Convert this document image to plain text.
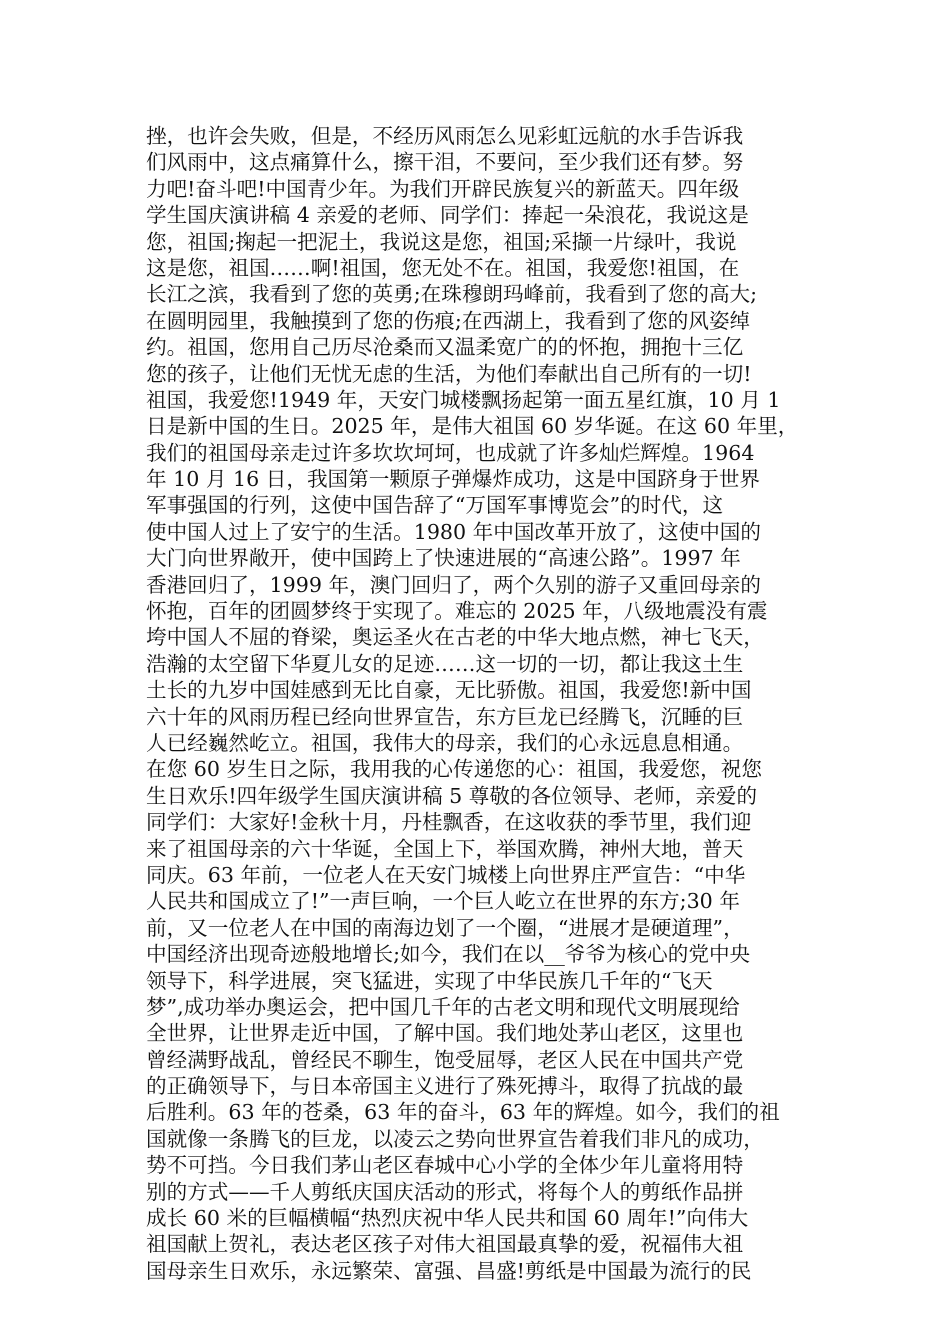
挫，也许会失败，但是，不经历风雨怎么见彩虹远航的水手告诉我
们风雨中，这点痛算什么，擦干泪，不要问，至少我们还有梦。努
力吧!奋斗吧!中国青少年。为我们开辟民族复兴的新蓝天。四年级
学生国庆演讲稿 4 亲爱的老师、同学们：捧起一朵浪花，我说这是
您，祖国;掬起一把泥土，我说这是您，祖国;采撷一片绿叶，我说
这是您，祖国……啊!祖国，您无处不在。祖国，我爱您!祖国，在
长江之滨，我看到了您的英勇;在珠穆朗玛峰前，我看到了您的高大;
在圆明园里，我触摸到了您的伤痕;在西湖上，我看到了您的风姿绰
约。祖国，您用自己历尽沧桑而又温柔宽广的的怀抱，拥抱十三亿
您的孩子，让他们无忧无虑的生活，为他们奉献出自己所有的一切!
祖国，我爱您!1949 年，天安门城楼飘扬起第一面五星红旗，10 月 1
日是新中国的生日。2025 年，是伟大祖国 60 岁华诞。在这 60 年里，
我们的祖国母亲走过许多坎坎坷坷，也成就了许多灿烂辉煌。1964
年 10 月 16 日，我国第一颗原子弹爆炸成功，这是中国跻身于世界
军事强国的行列，这使中国告辞了“万国军事博览会”的时代，这
使中国人过上了安宁的生活。1980 年中国改革开放了，这使中国的
大门向世界敞开，使中国跨上了快速进展的“高速公路”。1997 年
香港回归了，1999 年，澳门回归了，两个久别的游子又重回母亲的
怀抱，百年的团圆梦终于实现了。难忘的 2025 年，八级地震没有震
垮中国人不屈的脊梁，奥运圣火在古老的中华大地点燃，神七飞天，
浩瀚的太空留下华夏儿女的足迹……这一切的一切，都让我这土生
土长的九岁中国娃感到无比自豪，无比骄傲。祖国，我爱您!新中国
六十年的风雨历程已经向世界宣告，东方巨龙已经腾飞，沉睡的巨
人已经巍然屹立。祖国，我伟大的母亲，我们的心永远息息相通。
在您 60 岁生日之际，我用我的心传递您的心：祖国，我爱您，祝您
生日欢乐!四年级学生国庆演讲稿 5 尊敬的各位领导、老师，亲爱的
同学们：大家好!金秋十月，丹桂飘香，在这收获的季节里，我们迎
来了祖国母亲的六十华诞，全国上下，举国欢腾，神州大地，普天
同庆。63 年前，一位老人在天安门城楼上向世界庄严宣告：“中华
人民共和国成立了!”一声巨响，一个巨人屹立在世界的东方;30 年
前，又一位老人在中国的南海边划了一个圈，“进展才是硬道理”，
中国经济出现奇迹般地增长;如今，我们在以__爷爷为核心的党中央
领导下，科学进展，突飞猛进，实现了中华民族几千年的“飞天
梦”,成功举办奥运会，把中国几千年的古老文明和现代文明展现给
全世界，让世界走近中国，了解中国。我们地处茅山老区，这里也
曾经满野战乱，曾经民不聊生，饱受屈辱，老区人民在中国共产党
的正确领导下，与日本帝国主义进行了殊死搏斗，取得了抗战的最
后胜利。63 年的苍桑，63 年的奋斗，63 年的辉煌。如今，我们的祖
国就像一条腾飞的巨龙，以凌云之势向世界宣告着我们非凡的成功，
势不可挡。今日我们茅山老区春城中心小学的全体少年儿童将用特
别的方式——千人剪纸庆国庆活动的形式，将每个人的剪纸作品拼
成长 60 米的巨幅横幅“热烈庆祝中华人民共和国 60 周年!”向伟大
祖国献上贺礼，表达老区孩子对伟大祖国最真挚的爱，祝福伟大祖
国母亲生日欢乐，永远繁荣、富强、昌盛!剪纸是中国最为流行的民
